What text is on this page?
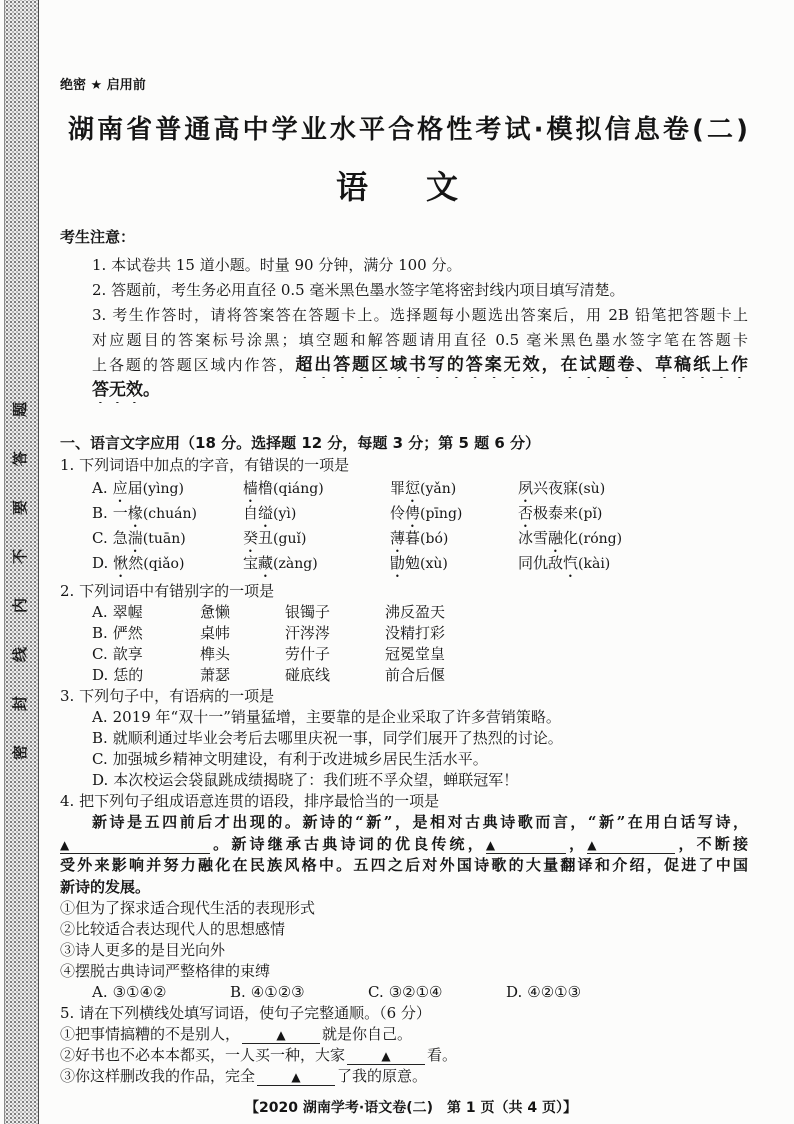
密封线内不要答题
绝密 ★ 启用前
湖南省普通高中学业水平合格性考试·模拟信息卷(二)
语文
考生注意：
1. 本试卷共 15 道小题。时量 90 分钟，满分 100 分。
2. 答题前，考生务必用直径 0.5 毫米黑色墨水签字笔将密封线内项目填写清楚。
3. 考生作答时，请将答案答在答题卡上。选择题每小题选出答案后，用 2B 铅笔把答题卡上
对应题目的答案标号涂黑；填空题和解答题请用直径 0.5 毫米黑色墨水签字笔在答题卡
上各题的答题区域内作答，超出答题区域书写的答案无效，在试题卷、草稿纸上作
答无效。
一、语言文字应用（18 分。选择题 12 分，每题 3 分；第 5 题 6 分）
1. 下列词语中加点的字音，有错误的一项是
A. 应届(yìng)	樯橹(qiáng)	罪愆(yǎn)	夙兴夜寐(sù)
B. 一椽(chuán)	自缢(yì)	伶俜(pīng)	否极泰来(pǐ)
C. 急湍(tuān)	癸丑(guǐ)	薄暮(bó)	冰雪融化(róng)
D. 愀然(qiǎo)	宝藏(zàng)	勖勉(xù)	同仇敌忾(kài)
2. 下列词语中有错别字的一项是
A. 翠幄	惫懒	银镯子	沸反盈天
B. 俨然	桌帏	汗涔涔	没精打彩
C. 歆享	榫头	劳什子	冠冕堂皇
D. 恁的	萧瑟	碰底线	前合后偃
3. 下列句子中，有语病的一项是
A. 2019 年“双十一”销量猛增，主要靠的是企业采取了许多营销策略。
B. 就顺利通过毕业会考后去哪里庆祝一事，同学们展开了热烈的讨论。
C. 加强城乡精神文明建设，有利于改进城乡居民生活水平。
D. 本次校运会袋鼠跳成绩揭晓了：我们班不孚众望，蝉联冠军！
4. 把下列句子组成语意连贯的语段，排序最恰当的一项是
新诗是五四前后才出现的。新诗的“新”，是相对古典诗歌而言，“新”在用白话写诗，
▲	。新诗继承古典诗词的优良传统，▲	，▲	，不断接
受外来影响并努力融化在民族风格中。五四之后对外国诗歌的大量翻译和介绍，促进了中国
新诗的发展。
①但为了探求适合现代生活的表现形式
②比较适合表达现代人的思想感情
③诗人更多的是目光向外
④摆脱古典诗词严整格律的束缚
A. ③①④②	B. ④①②③	C. ③②①④	D. ④②①③
5. 请在下列横线处填写词语，使句子完整通顺。（6 分）
①把事情搞糟的不是别人，	▲ 就是你自己。
②好书也不必本本都买，一人买一种，大家	▲ 看。
③你这样删改我的作品，完全	▲ 了我的原意。
【2020 湖南学考·语文卷(二)　第 1 页（共 4 页）】
